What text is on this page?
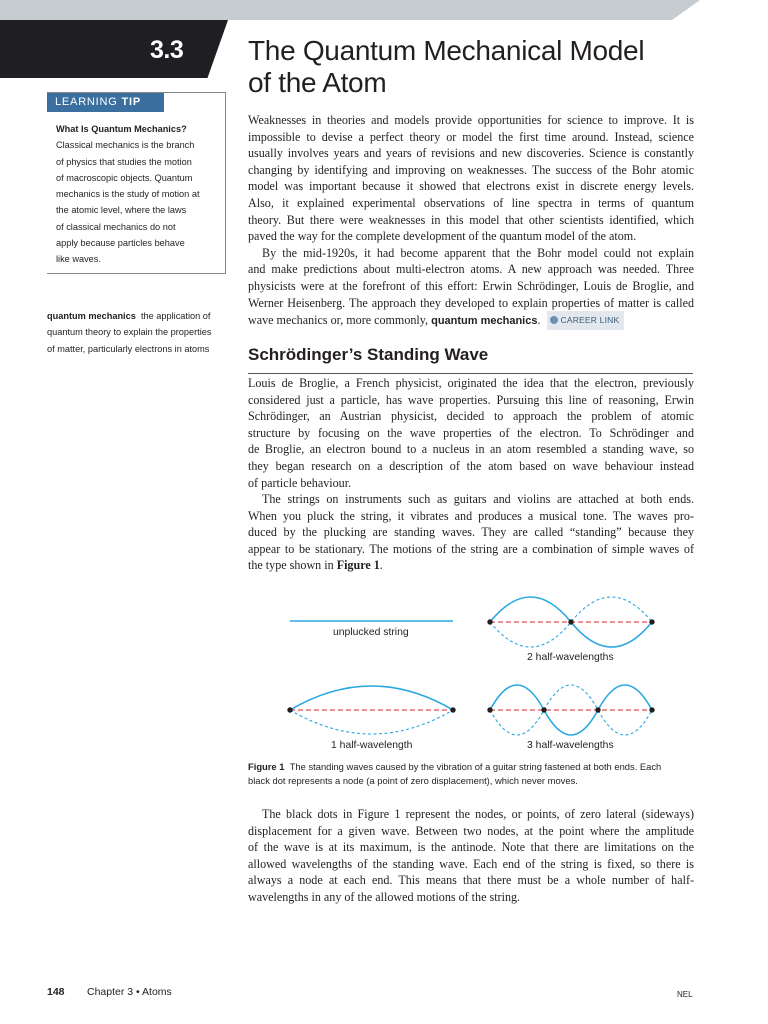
3.3 The Quantum Mechanical Model
of the Atom
LEARNING TIP
What Is Quantum Mechanics?
Classical mechanics is the branch
of physics that studies the motion
of macroscopic objects. Quantum
mechanics is the study of motion at
the atomic level, where the laws
of classical mechanics do not
apply because particles behave
like waves.
quantum mechanics the application of
quantum theory to explain the properties
of matter, particularly electrons in atoms
Weaknesses in theories and models provide opportunities for science to improve. It is
impossible to devise a perfect theory or model the first time around. Instead, science
usually involves years and years of revisions and new discoveries. Science is constantly
changing by identifying and improving on weaknesses. The success of the Bohr atomic
model was important because it showed that electrons exist in discrete energy levels.
Also, it explained experimental observations of line spectra in terms of quantum
theory. But there were weaknesses in this model that other scientists identified, which
paved the way for the complete development of the quantum model of the atom.
By the mid-1920s, it had become apparent that the Bohr model could not explain
and make predictions about multi-electron atoms. A new approach was needed. Three
physicists were at the forefront of this effort: Erwin Schrödinger, Louis de Broglie, and
Werner Heisenberg. The approach they developed to explain properties of matter is called
wave mechanics or, more commonly, quantum mechanics. CAREER LINK
Schrödinger’s Standing Wave
Louis de Broglie, a French physicist, originated the idea that the electron, previously
considered just a particle, has wave properties. Pursuing this line of reasoning, Erwin
Schrödinger, an Austrian physicist, decided to approach the problem of atomic
structure by focusing on the wave properties of the electron. To Schrödinger and
de Broglie, an electron bound to a nucleus in an atom resembled a standing wave, so
they began research on a description of the atom based on wave behaviour instead
of particle behaviour.
The strings on instruments such as guitars and violins are attached at both ends.
When you pluck the string, it vibrates and produces a musical tone. The waves pro-
duced by the plucking are standing waves. They are called “standing” because they
appear to be stationary. The motions of the string are a combination of simple waves of
the type shown in Figure 1.
unplucked string
2 half-wavelengths
1 half-wavelength	3 half-wavelengths
Figure 1 The standing waves caused by the vibration of a guitar string fastened at both ends. Each
black dot represents a node (a point of zero displacement), which never moves.
The black dots in Figure 1 represent the nodes, or points, of zero lateral (sideways)
displacement for a given wave. Between two nodes, at the point where the amplitude
of the wave is at its maximum, is the antinode. Note that there are limitations on the
allowed wavelengths of the standing wave. Each end of the string is fixed, so there is
always a node at each end. This means that there must be a whole number of half-
wavelengths in any of the allowed motions of the string.
148 Chapter 3 • Atoms	NEL
